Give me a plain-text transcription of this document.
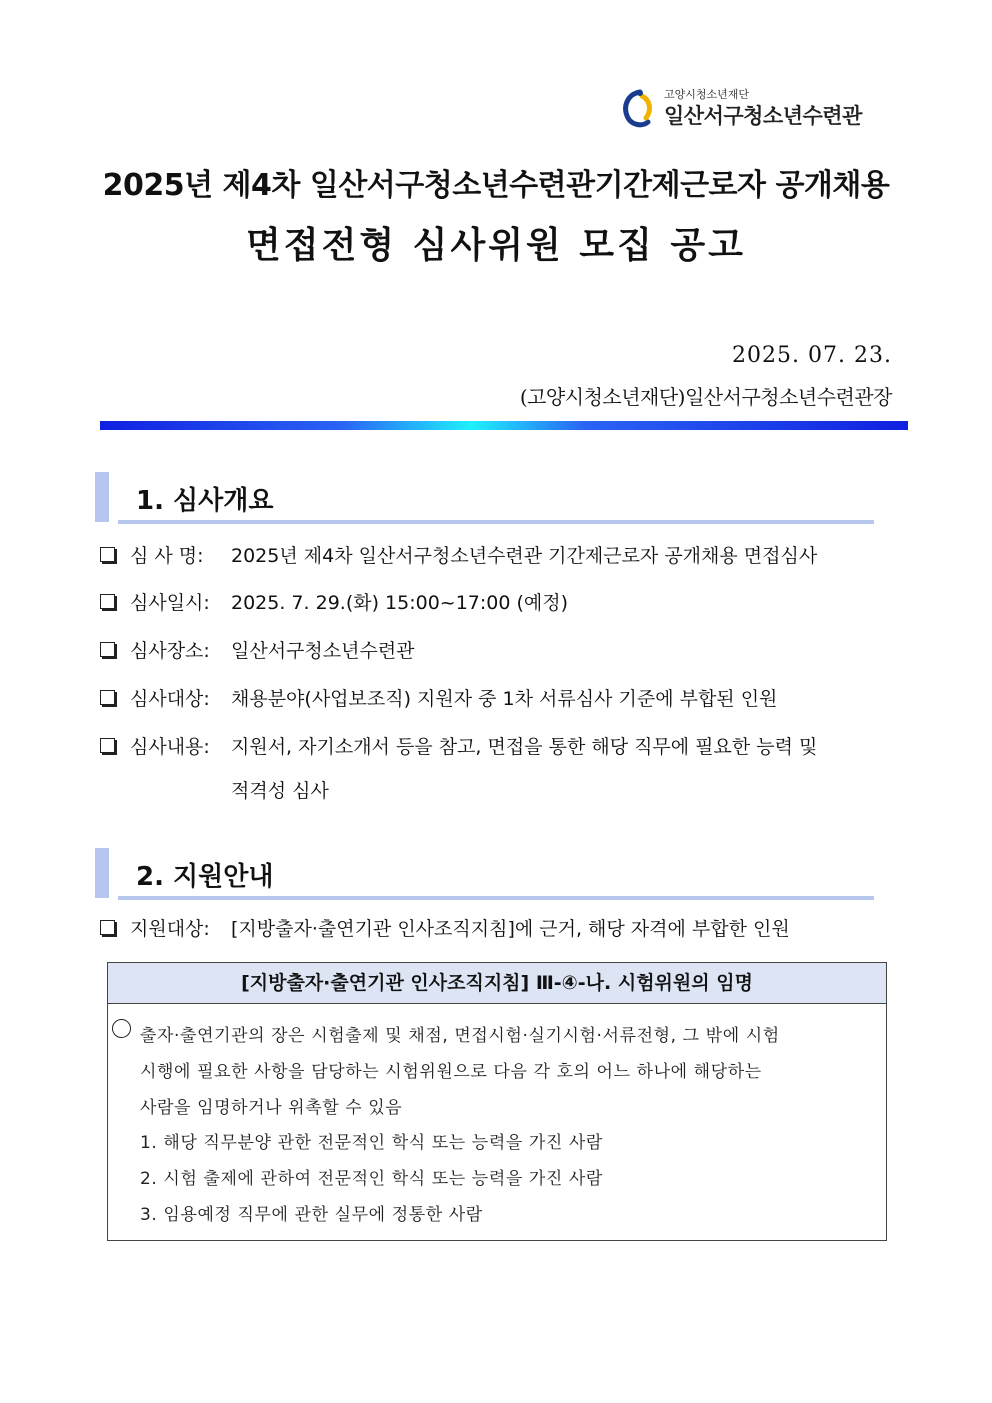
고양시청소년재단
일산서구청소년수련관
2025년 제4차 일산서구청소년수련관기간제근로자 공개채용
면접전형 심사위원 모집 공고
2025. 07. 23.
(고양시청소년재단)일산서구청소년수련관장
1. 심사개요
심 사 명: 2025년 제4차 일산서구청소년수련관 기간제근로자 공개채용 면접심사
심사일시: 2025. 7. 29.(화) 15:00~17:00 (예정)
심사장소: 일산서구청소년수련관
심사대상: 채용분야(사업보조직) 지원자 중 1차 서류심사 기준에 부합된 인원
심사내용: 지원서, 자기소개서 등을 참고, 면접을 통한 해당 직무에 필요한 능력 및
적격성 심사
2. 지원안내
지원대상: [지방출자·출연기관 인사조직지침]에 근거, 해당 자격에 부합한 인원
[지방출자·출연기관 인사조직지침] Ⅲ-④-나. 시험위원의 임명
출자·출연기관의 장은 시험출제 및 채점, 면접시험·실기시험·서류전형, 그 밖에 시험
시행에 필요한 사항을 담당하는 시험위원으로 다음 각 호의 어느 하나에 해당하는
사람을 임명하거나 위촉할 수 있음
1. 해당 직무분양 관한 전문적인 학식 또는 능력을 가진 사람
2. 시험 출제에 관하여 전문적인 학식 또는 능력을 가진 사람
3. 임용예정 직무에 관한 실무에 정통한 사람
